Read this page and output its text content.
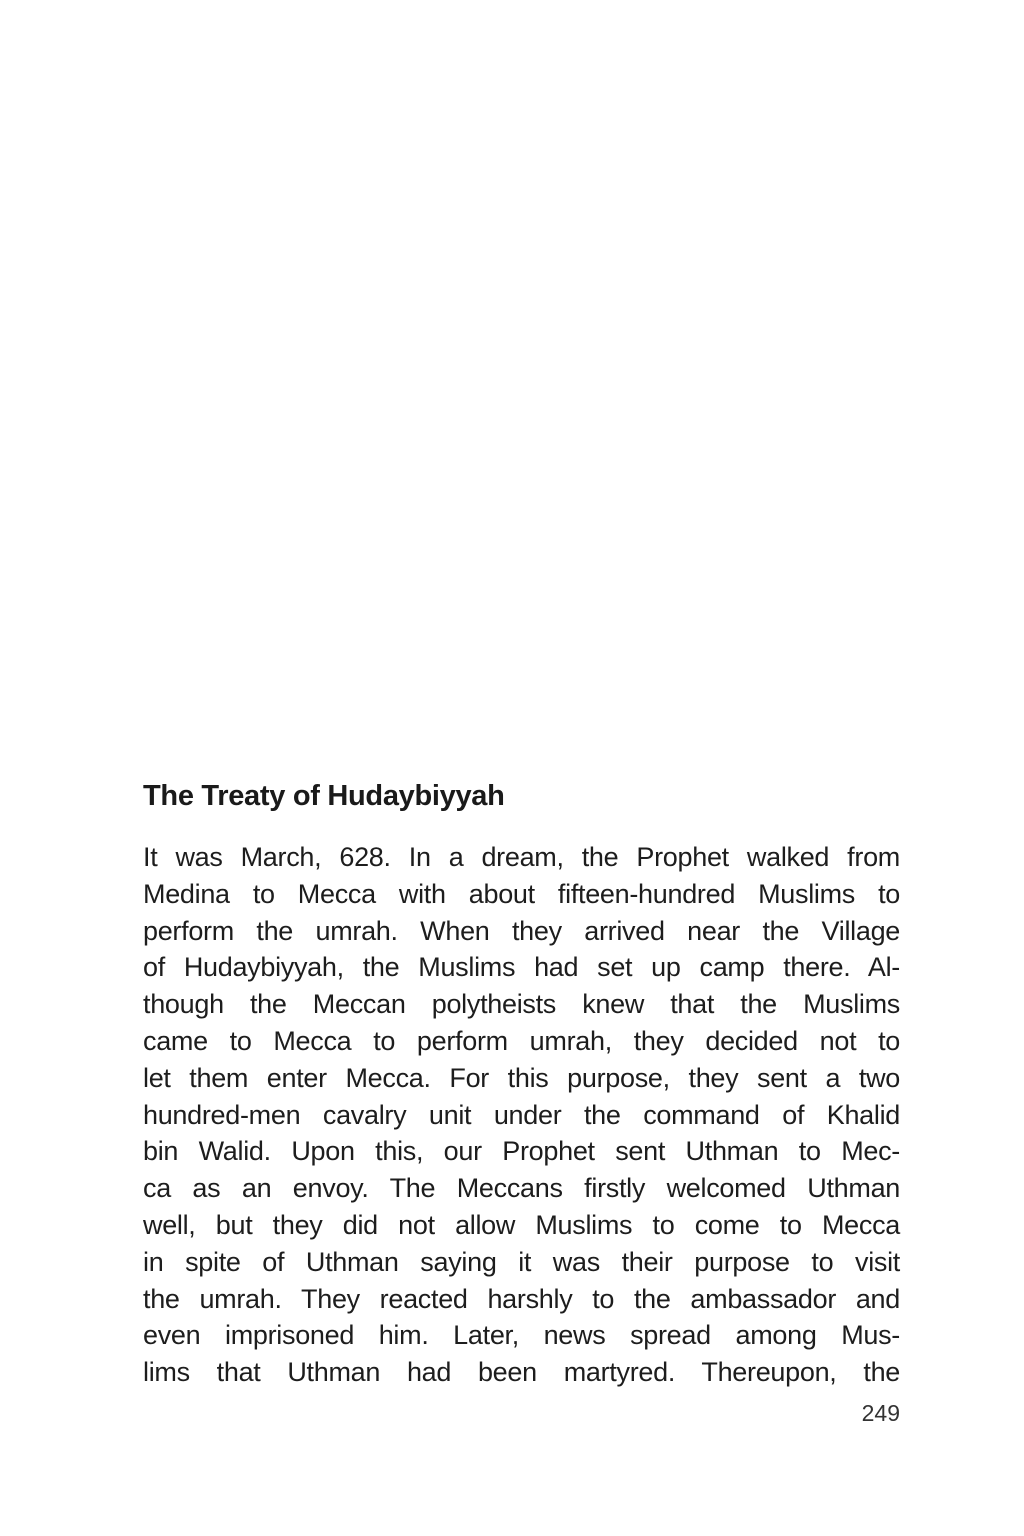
The Treaty of Hudaybiyyah
It was March, 628. In a dream, the Prophet walked from
Medina to Mecca with about fifteen-hundred Muslims to
perform the umrah. When they arrived near the Village
of Hudaybiyyah, the Muslims had set up camp there. Al-
though the Meccan polytheists knew that the Muslims
came to Mecca to perform umrah, they decided not to
let them enter Mecca. For this purpose, they sent a two
hundred-men cavalry unit under the command of Khalid
bin Walid. Upon this, our Prophet sent Uthman to Mec-
ca as an envoy. The Meccans firstly welcomed Uthman
well, but they did not allow Muslims to come to Mecca
in spite of Uthman saying it was their purpose to visit
the umrah. They reacted harshly to the ambassador and
even imprisoned him. Later, news spread among Mus-
lims that Uthman had been martyred. Thereupon, the
249
